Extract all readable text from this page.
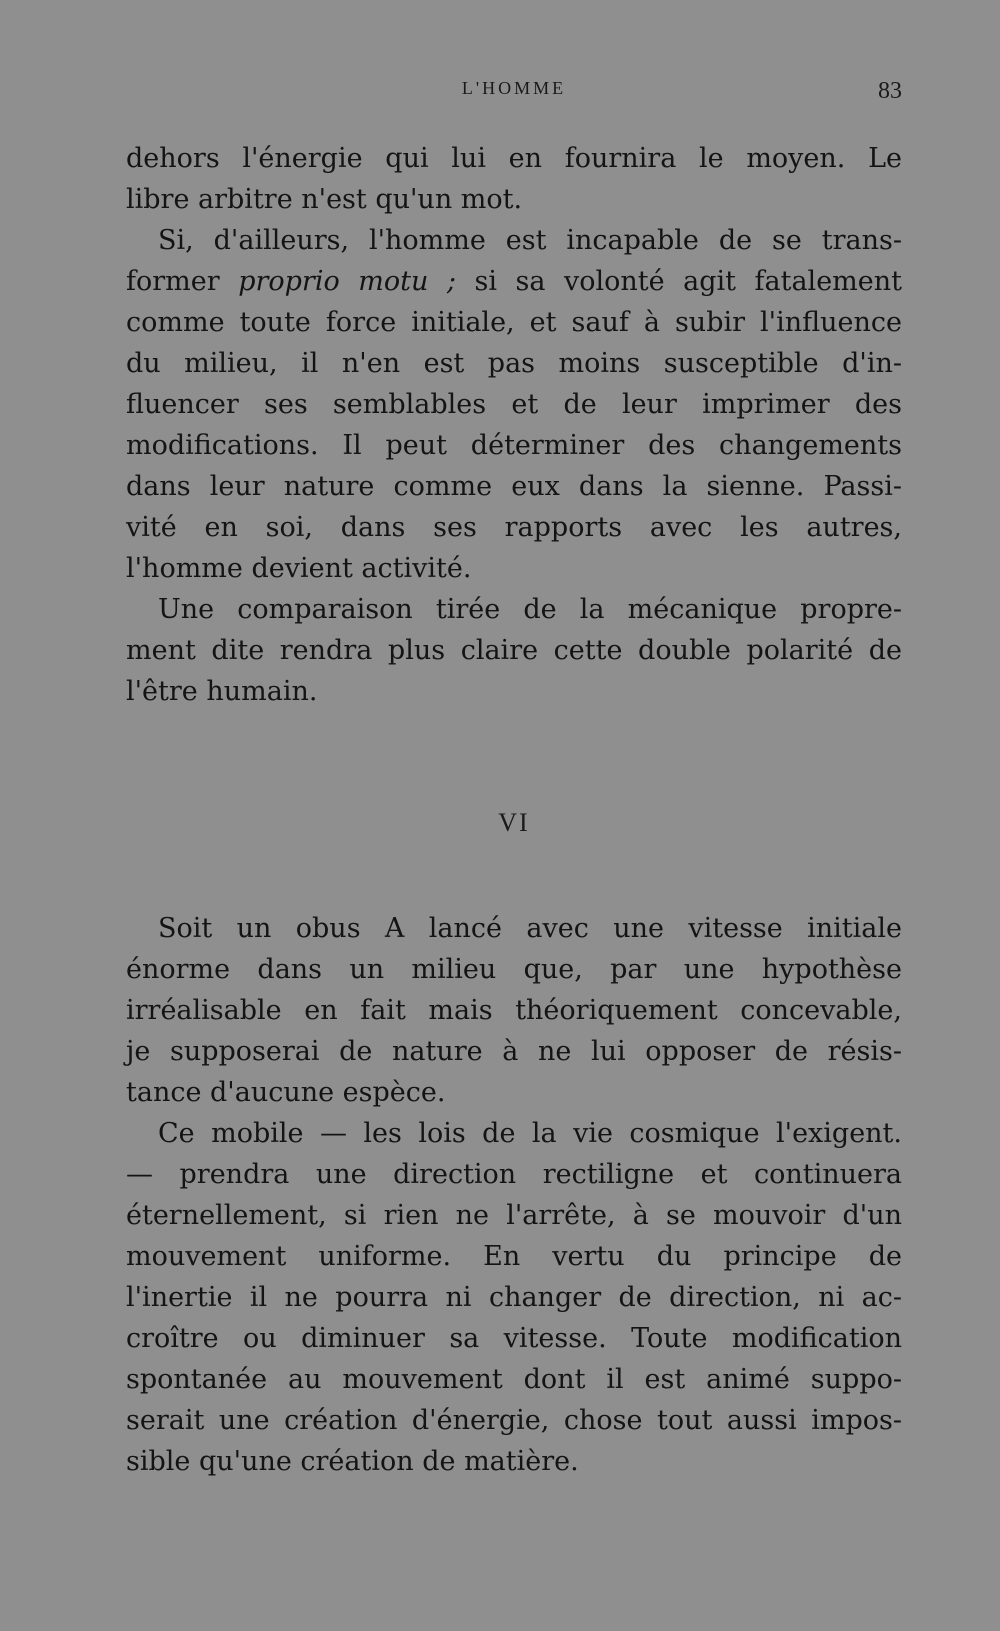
L'HOMME	83
dehors l'énergie qui lui en fournira le moyen. Le
libre arbitre n'est qu'un mot.
Si, d'ailleurs, l'homme est incapable de se trans-
former proprio motu ; si sa volonté agit fatalement
comme toute force initiale, et sauf à subir l'influence
du milieu, il n'en est pas moins susceptible d'in-
fluencer ses semblables et de leur imprimer des
modifications. Il peut déterminer des changements
dans leur nature comme eux dans la sienne. Passi-
vité en soi, dans ses rapports avec les autres,
l'homme devient activité.
Une comparaison tirée de la mécanique propre-
ment dite rendra plus claire cette double polarité de
l'être humain.
VI
Soit un obus A lancé avec une vitesse initiale
énorme dans un milieu que, par une hypothèse
irréalisable en fait mais théoriquement concevable,
je supposerai de nature à ne lui opposer de résis-
tance d'aucune espèce.
Ce mobile — les lois de la vie cosmique l'exigent.
— prendra une direction rectiligne et continuera
éternellement, si rien ne l'arrête, à se mouvoir d'un
mouvement uniforme. En vertu du principe de
l'inertie il ne pourra ni changer de direction, ni ac-
croître ou diminuer sa vitesse. Toute modification
spontanée au mouvement dont il est animé suppo-
serait une création d'énergie, chose tout aussi impos-
sible qu'une création de matière.
